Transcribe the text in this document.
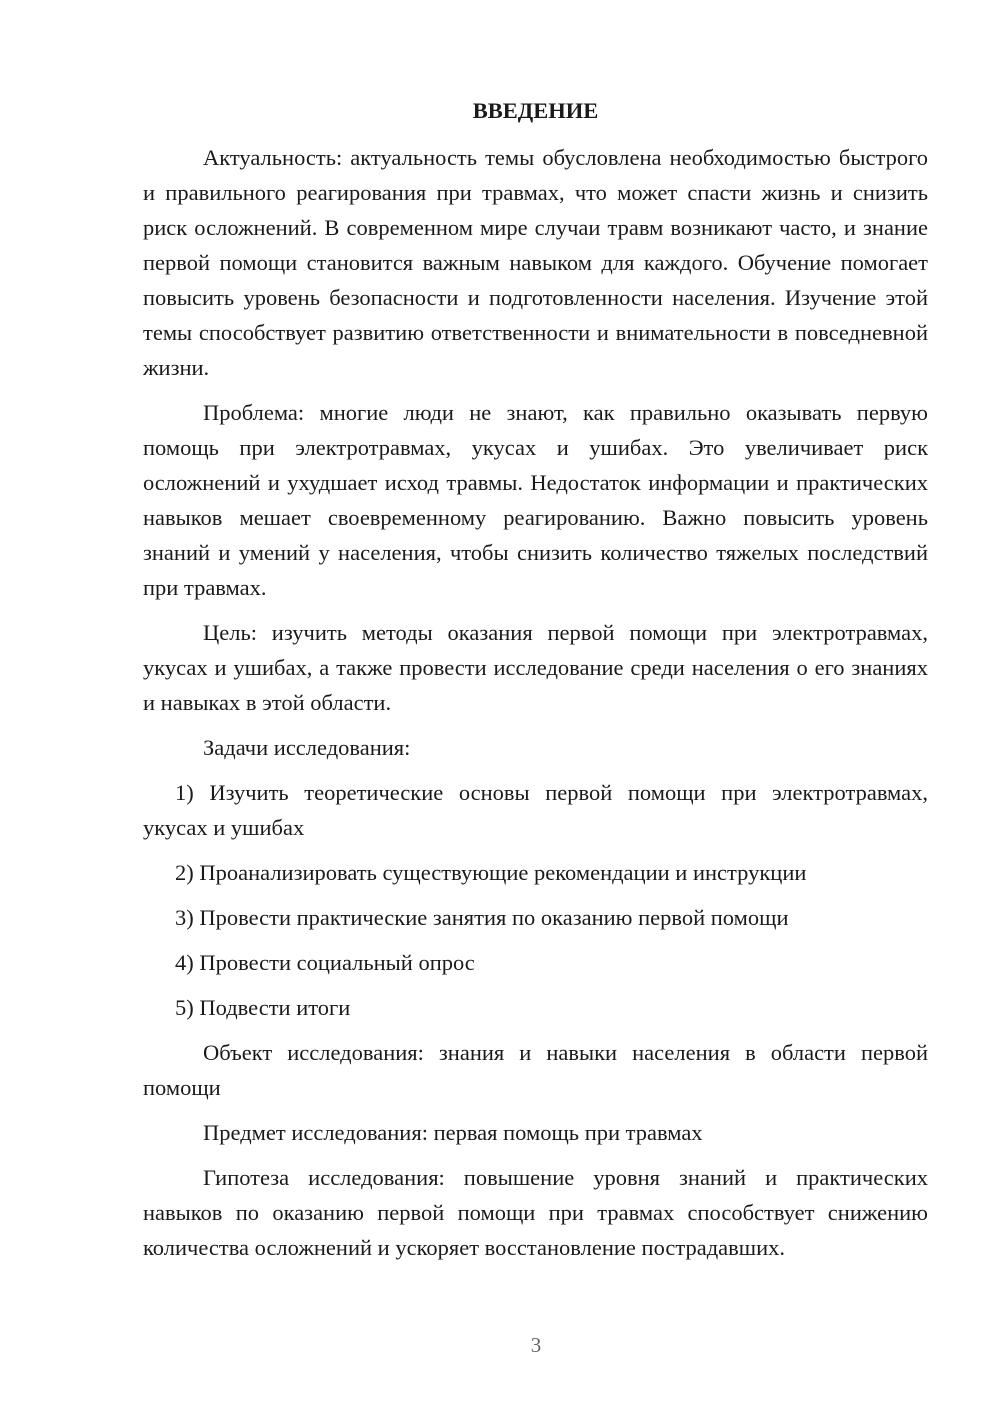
ВВЕДЕНИЕ

Актуальность: актуальность темы обусловлена необходимостью быстрого и правильного реагирования при травмах, что может спасти жизнь и снизить риск осложнений. В современном мире случаи травм возникают часто, и знание первой помощи становится важным навыком для каждого. Обучение помогает повысить уровень безопасности и подготовленности населения. Изучение этой темы способствует развитию ответственности и внимательности в повседневной жизни.

Проблема: многие люди не знают, как правильно оказывать первую помощь при электротравмах, укусах и ушибах. Это увеличивает риск осложнений и ухудшает исход травмы. Недостаток информации и практических навыков мешает своевременному реагированию. Важно повысить уровень знаний и умений у населения, чтобы снизить количество тяжелых последствий при травмах.

Цель: изучить методы оказания первой помощи при электротравмах, укусах и ушибах, а также провести исследование среди населения о его знаниях и навыках в этой области.

Задачи исследования:

1) Изучить теоретические основы первой помощи при электротравмах, укусах и ушибах

2) Проанализировать существующие рекомендации и инструкции

3) Провести практические занятия по оказанию первой помощи

4) Провести социальный опрос

5) Подвести итоги

Объект исследования: знания и навыки населения в области первой помощи

Предмет исследования: первая помощь при травмах

Гипотеза исследования: повышение уровня знаний и практических навыков по оказанию первой помощи при травмах способствует снижению количества осложнений и ускоряет восстановление пострадавших.

3
